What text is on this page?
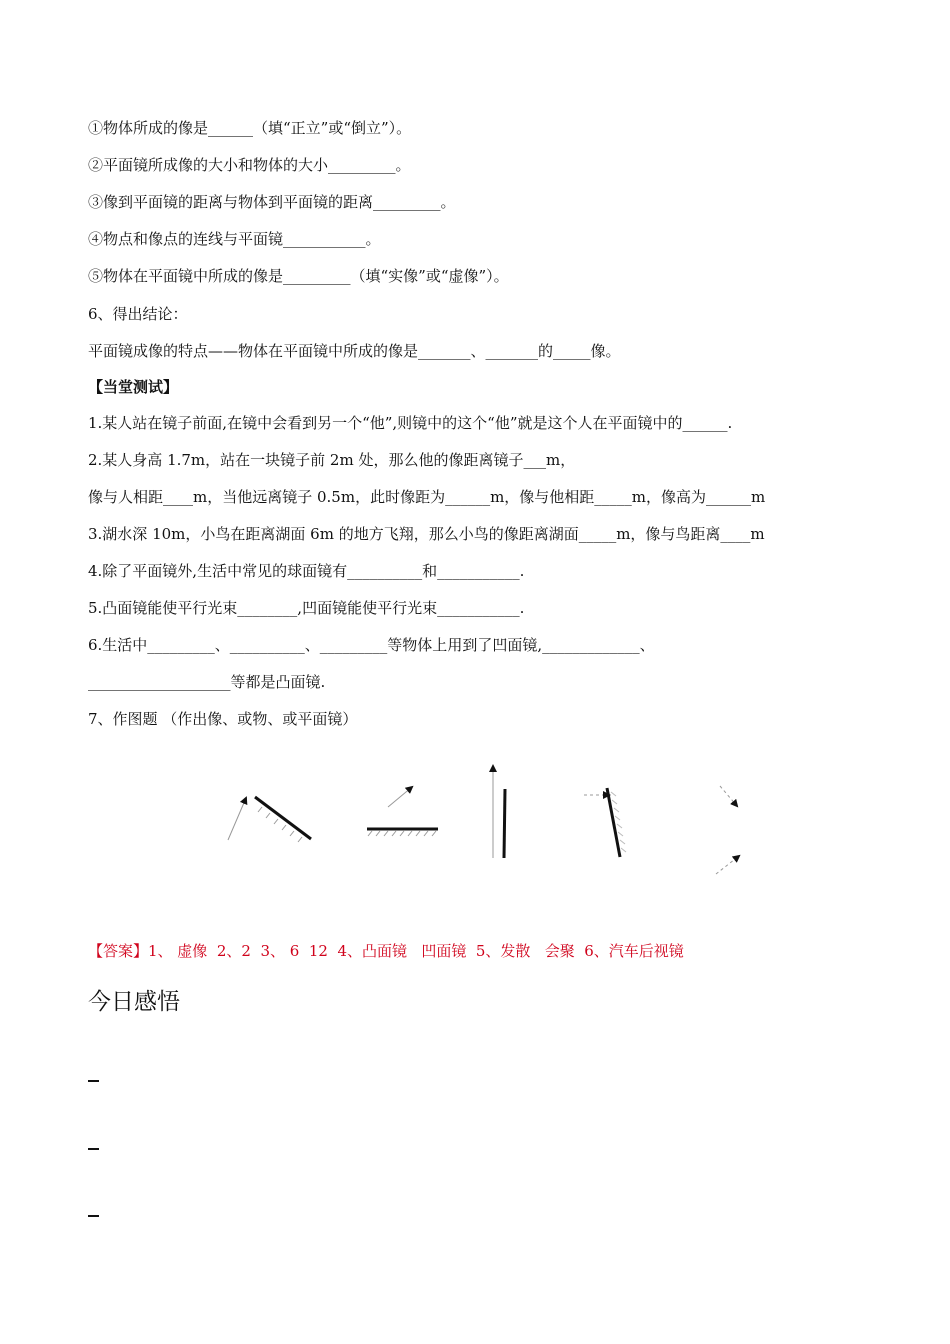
①物体所成的像是______（填“正立”或“倒立”）。
②平面镜所成像的大小和物体的大小_________。
③像到平面镜的距离与物体到平面镜的距离_________。
④物点和像点的连线与平面镜___________。
⑤物体在平面镜中所成的像是_________（填“实像”或“虚像”）。
6、得出结论：
平面镜成像的特点——物体在平面镜中所成的像是_______、_______的_____像。
【当堂测试】
1.某人站在镜子前面,在镜中会看到另一个“他”,则镜中的这个“他”就是这个人在平面镜中的______.
2.某人身高 1.7m，站在一块镜子前 2m 处，那么他的像距离镜子___m，
像与人相距____m，当他远离镜子 0.5m，此时像距为______m，像与他相距_____m，像高为______m
3.湖水深 10m，小鸟在距离湖面 6m 的地方飞翔，那么小鸟的像距离湖面_____m，像与鸟距离____m
4.除了平面镜外,生活中常见的球面镜有__________和___________.
5.凸面镜能使平行光束________,凹面镜能使平行光束___________.
6.生活中_________、__________、_________等物体上用到了凹面镜,_____________、
___________________等都是凸面镜.
7、作图题 （作出像、或物、或平面镜）
【答案】1、 虚像  2、2  3、 6  12  4、凸面镜   凹面镜  5、发散   会聚  6、汽车后视镜
今日感悟
